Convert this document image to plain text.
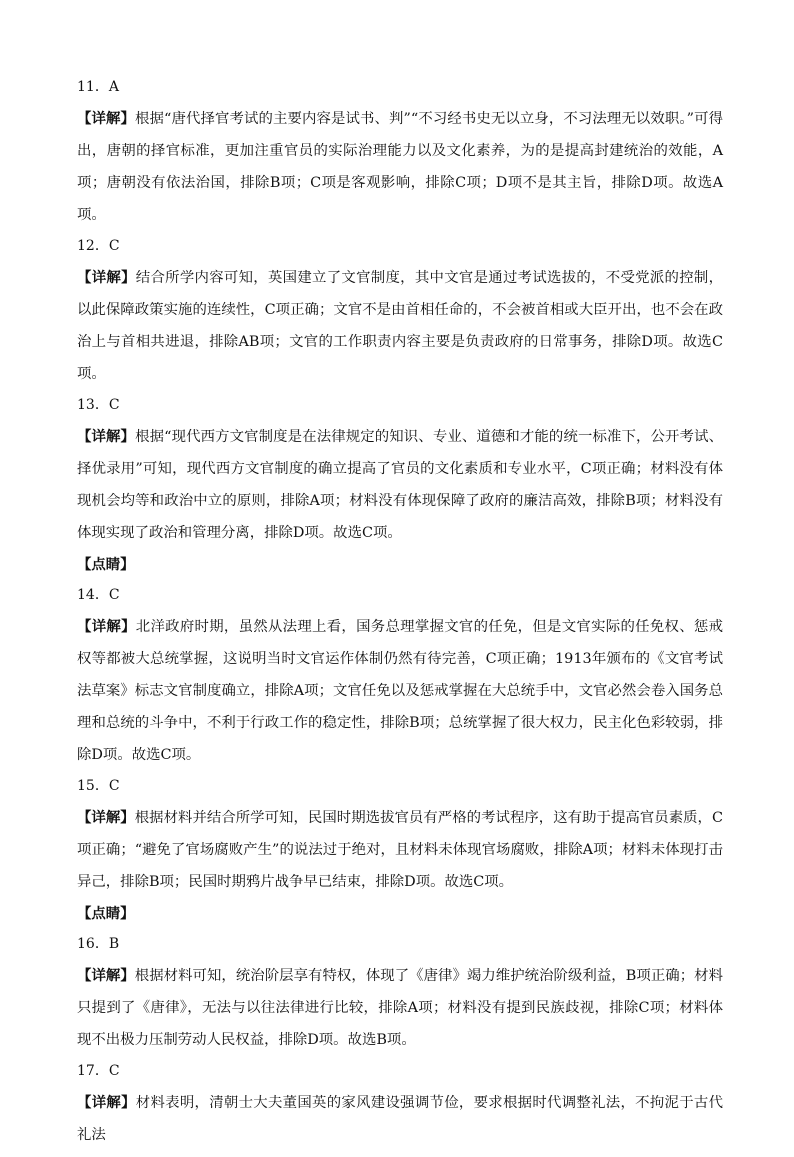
11．A
【详解】根据“唐代择官考试的主要内容是试书、判”“不习经书史无以立身，不习法理无以效职。”可得出，唐朝的择官标准，更加注重官员的实际治理能力以及文化素养，为的是提高封建统治的效能，A项；唐朝没有依法治国，排除B项；C项是客观影响，排除C项；D项不是其主旨，排除D项。故选A项。
12．C
【详解】结合所学内容可知，英国建立了文官制度，其中文官是通过考试选拔的，不受党派的控制，以此保障政策实施的连续性，C项正确；文官不是由首相任命的，不会被首相或大臣开出，也不会在政治上与首相共进退，排除AB项；文官的工作职责内容主要是负责政府的日常事务，排除D项。故选C项。
13．C
【详解】根据“现代西方文官制度是在法律规定的知识、专业、道德和才能的统一标准下，公开考试、择优录用”可知，现代西方文官制度的确立提高了官员的文化素质和专业水平，C项正确；材料没有体现机会均等和政治中立的原则，排除A项；材料没有体现保障了政府的廉洁高效，排除B项；材料没有体现实现了政治和管理分离，排除D项。故选C项。
【点睛】
14．C
【详解】北洋政府时期，虽然从法理上看，国务总理掌握文官的任免，但是文官实际的任免权、惩戒权等都被大总统掌握，这说明当时文官运作体制仍然有待完善，C项正确；1913年颁布的《文官考试法草案》标志文官制度确立，排除A项；文官任免以及惩戒掌握在大总统手中，文官必然会卷入国务总理和总统的斗争中，不利于行政工作的稳定性，排除B项；总统掌握了很大权力，民主化色彩较弱，排除D项。故选C项。
15．C
【详解】根据材料并结合所学可知，民国时期选拔官员有严格的考试程序，这有助于提高官员素质，C项正确；“避免了官场腐败产生”的说法过于绝对，且材料未体现官场腐败，排除A项；材料未体现打击异己，排除B项；民国时期鸦片战争早已结束，排除D项。故选C项。
【点睛】
16．B
【详解】根据材料可知，统治阶层享有特权，体现了《唐律》竭力维护统治阶级利益，B项正确；材料只提到了《唐律》，无法与以往法律进行比较，排除A项；材料没有提到民族歧视，排除C项；材料体现不出极力压制劳动人民权益，排除D项。故选B项。
17．C
【详解】材料表明，清朝士大夫董国英的家风建设强调节俭，要求根据时代调整礼法，不拘泥于古代礼法
